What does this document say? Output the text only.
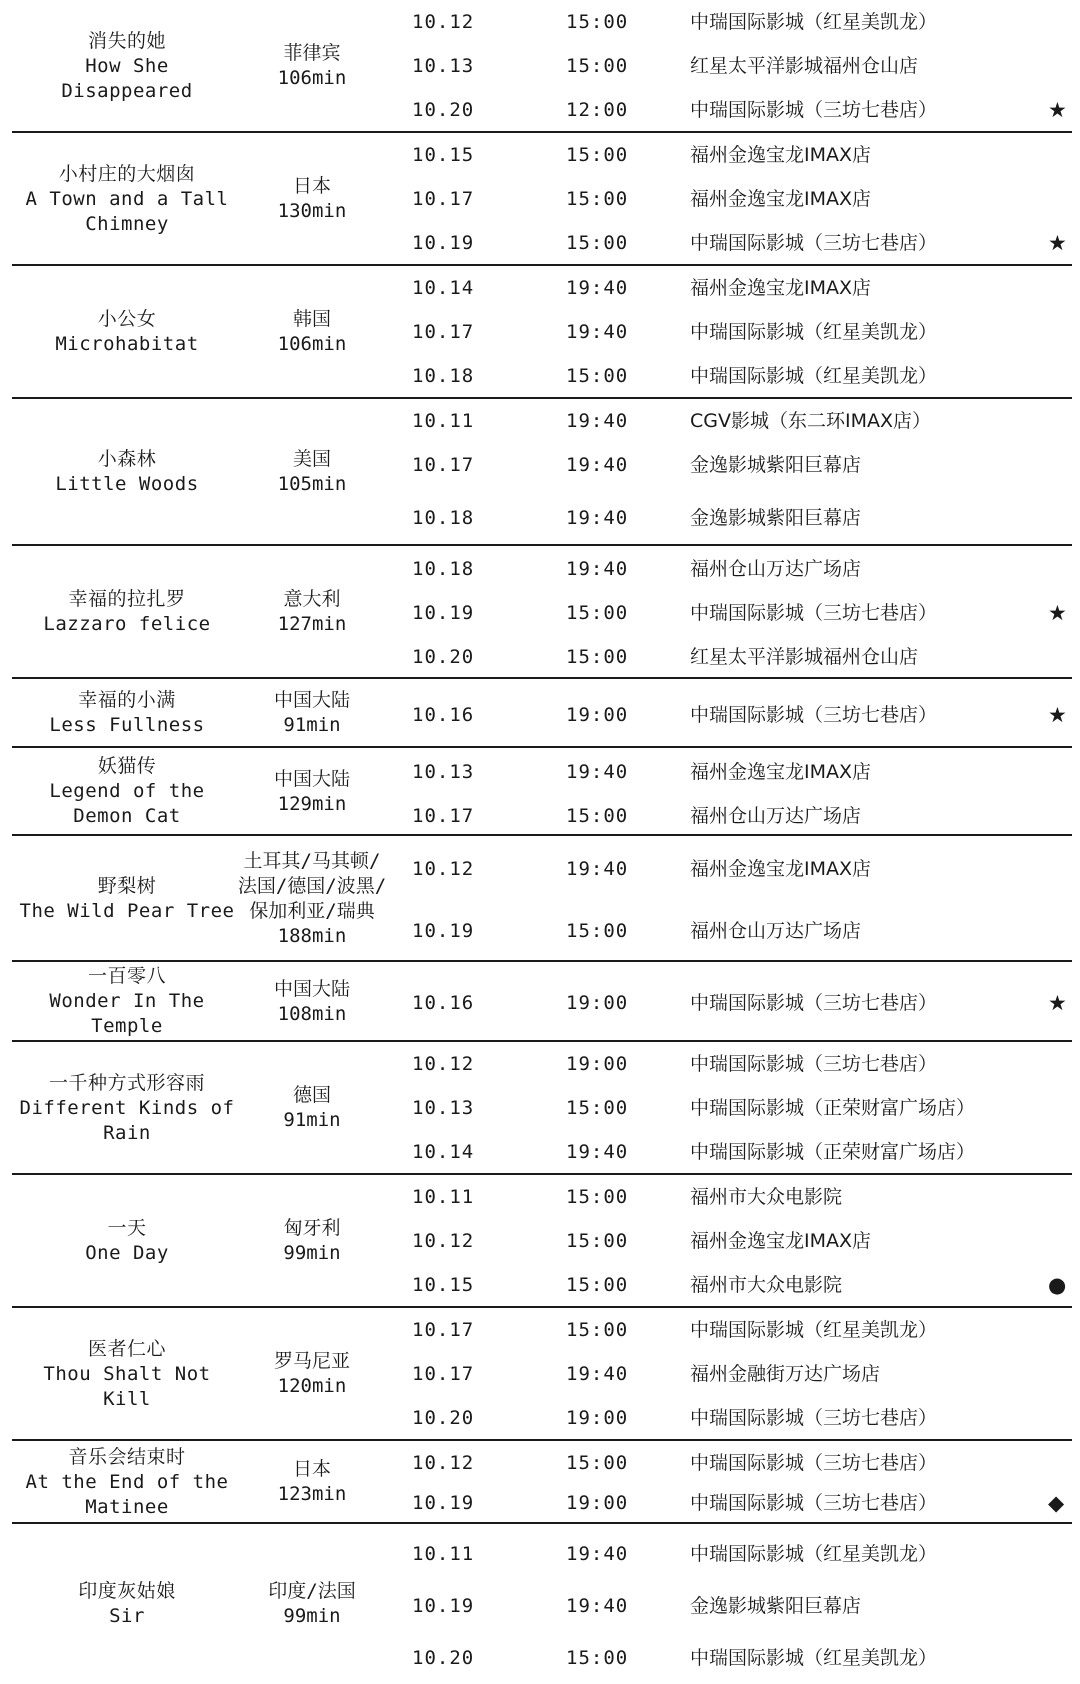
消失的她
How She
Disappeared
菲律宾
106min
10.12	15:00	中瑞国际影城（红星美凯龙）
10.13	15:00	红星太平洋影城福州仓山店
10.20	12:00	中瑞国际影城（三坊七巷店）	★
小村庄的大烟囱
A Town and a Tall
Chimney
日本
130min
10.15	15:00	福州金逸宝龙IMAX店
10.17	15:00	福州金逸宝龙IMAX店
10.19	15:00	中瑞国际影城（三坊七巷店）	★
小公女
Microhabitat
韩国
106min
10.14	19:40	福州金逸宝龙IMAX店
10.17	19:40	中瑞国际影城（红星美凯龙）
10.18	15:00	中瑞国际影城（红星美凯龙）
小森林
Little Woods
美国
105min
10.11	19:40	CGV影城（东二环IMAX店）
10.17	19:40	金逸影城紫阳巨幕店
10.18	19:40	金逸影城紫阳巨幕店
幸福的拉扎罗
Lazzaro felice
意大利
127min
10.18	19:40	福州仓山万达广场店
10.19	15:00	中瑞国际影城（三坊七巷店）	★
10.20	15:00	红星太平洋影城福州仓山店
幸福的小满
Less Fullness
中国大陆
91min	10.16	19:00	中瑞国际影城（三坊七巷店）	★
妖猫传
Legend of the
Demon Cat
中国大陆
129min
10.13	19:40	福州金逸宝龙IMAX店
10.17	15:00	福州仓山万达广场店
野梨树
The Wild Pear Tree
土耳其/马其顿/
法国/德国/波黑/
保加利亚/瑞典
188min
10.12	19:40	福州金逸宝龙IMAX店
10.19	15:00	福州仓山万达广场店
一百零八
Wonder In The
Temple
中国大陆
108min	10.16	19:00	中瑞国际影城（三坊七巷店）	★
一千种方式形容雨
Different Kinds of
Rain
德国
91min
10.12	19:00	中瑞国际影城（三坊七巷店）
10.13	15:00	中瑞国际影城（正荣财富广场店）
10.14	19:40	中瑞国际影城（正荣财富广场店）
一天
One Day
匈牙利
99min
10.11	15:00	福州市大众电影院
10.12	15:00	福州金逸宝龙IMAX店
10.15	15:00	福州市大众电影院	●
医者仁心
Thou Shalt Not
Kill
罗马尼亚
120min
10.17	15:00	中瑞国际影城（红星美凯龙）
10.17	19:40	福州金融街万达广场店
10.20	19:00	中瑞国际影城（三坊七巷店）
音乐会结束时
At the End of the
Matinee
日本
123min
10.12	15:00	中瑞国际影城（三坊七巷店）
10.19	19:00	中瑞国际影城（三坊七巷店）	◆
印度灰姑娘
Sir
印度/法国
99min
10.11	19:40	中瑞国际影城（红星美凯龙）
10.19	19:40	金逸影城紫阳巨幕店
10.20	15:00	中瑞国际影城（红星美凯龙）
